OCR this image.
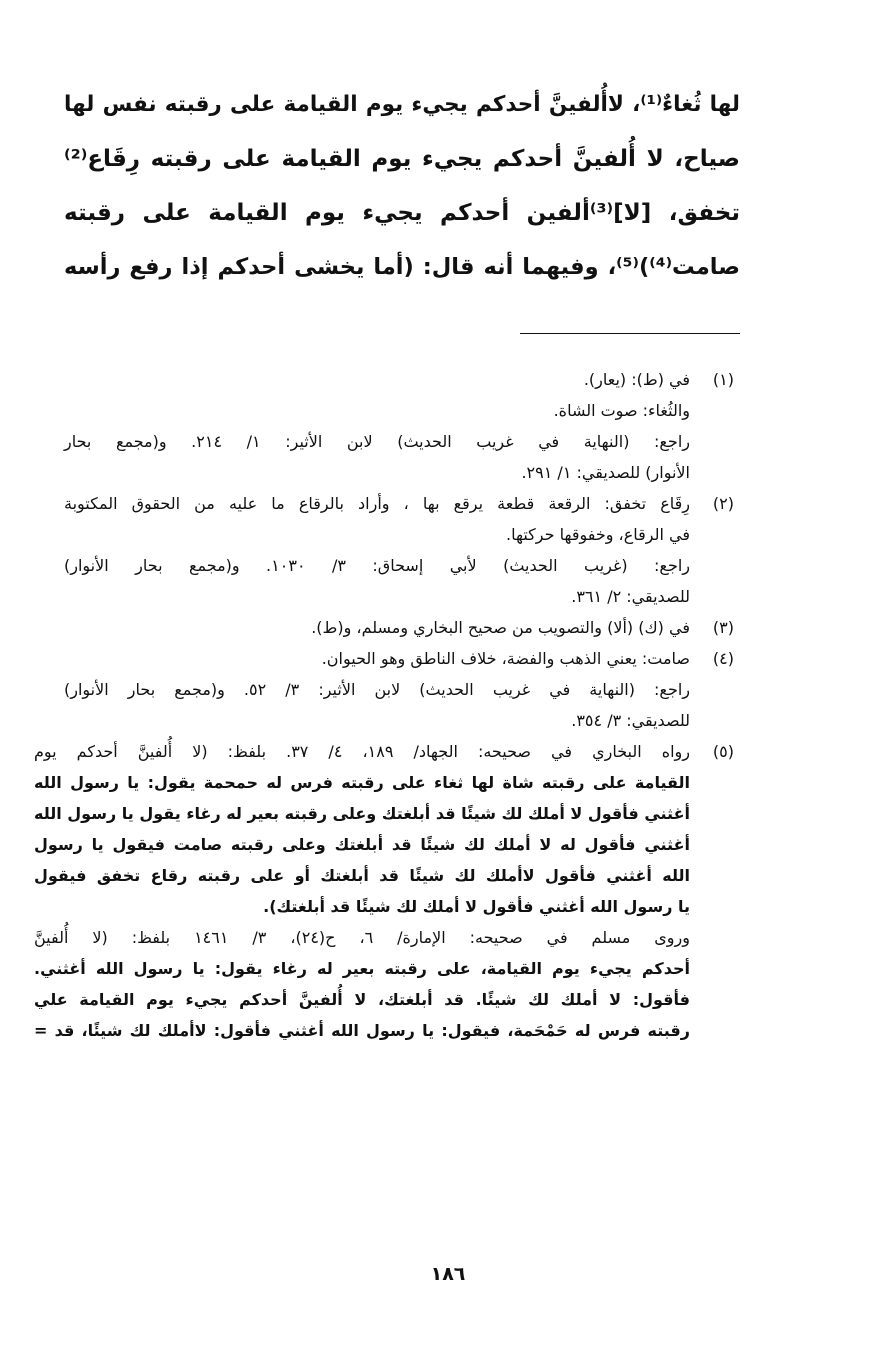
لها ثُغاءٌ⁽¹⁾، لاأُلفينَّ أحدكم يجيء يوم القيامة على رقبته نفس لها
صياح، لا أُلفينَّ أحدكم يجيء يوم القيامة على رقبته رِقَاع⁽²⁾
تخفق، [لا]⁽³⁾ألفين أحدكم يجيء يوم القيامة على رقبته
صامت⁽⁴⁾)⁽⁵⁾، وفيهما أنه قال: (أما يخشى أحدكم إذا رفع رأسه

(١)
في (ط): (يعار).
والثُغاء: صوت الشاة.
راجع: (النهاية في غريب الحديث) لابن الأثير: ١/ ٢١٤. و(مجمع بحار
الأنوار) للصديقي: ١/ ٢٩١.
(٢)
رِقَاع تخفق: الرقعة قطعة يرقع بها ، وأراد بالرقاع ما عليه من الحقوق المكتوبة
في الرقاع، وخفوقها حركتها.
راجع: (غريب الحديث) لأبي إسحاق: ٣/ ١٠٣٠. و(مجمع بحار الأنوار)
للصديقي: ٢/ ٣٦١.
(٣)
في (ك) (ألا) والتصويب من صحيح البخاري ومسلم، و(ط).
(٤)
صامت: يعني الذهب والفضة، خلاف الناطق وهو الحيوان.
راجع: (النهاية في غريب الحديث) لابن الأثير: ٣/ ٥٢. و(مجمع بحار الأنوار)
للصديقي: ٣/ ٣٥٤.
(٥)
رواه البخاري في صحيحه: الجهاد/ ١٨٩، ٤/ ٣٧. بلفظ: (لا أُلفينَّ أحدكم يوم
القيامة على رقبته شاة لها ثغاء على رقبته فرس له حمحمة يقول: يا رسول الله
أغثني فأقول لا أملك لك شيئًا قد أبلغتك وعلى رقبته بعير له رغاء يقول يا رسول الله
أغثني فأقول له لا أملك لك شيئًا قد أبلغتك وعلى رقبته صامت فيقول يا رسول
الله أغثني فأقول لاأملك لك شيئًا قد أبلغتك أو على رقبته رقاع تخفق فيقول
يا رسول الله أغثني فأقول لا أملك لك شيئًا قد أبلغتك).
وروى مسلم في صحيحه: الإمارة/ ٦، ح(٢٤)، ٣/ ١٤٦١ بلفظ: (لا أُلفينَّ
أحدكم يجيء يوم القيامة، على رقبته بعير له رغاء يقول: يا رسول الله أغثني.
فأقول: لا أملك لك شيئًا. قد أبلغتك، لا أُلفينَّ أحدكم يجيء يوم القيامة علي
رقبته فرس له حَمْحَمة، فيقول: يا رسول الله أغثني فأقول: لاأملك لك شيئًا، قد =
١٨٦
